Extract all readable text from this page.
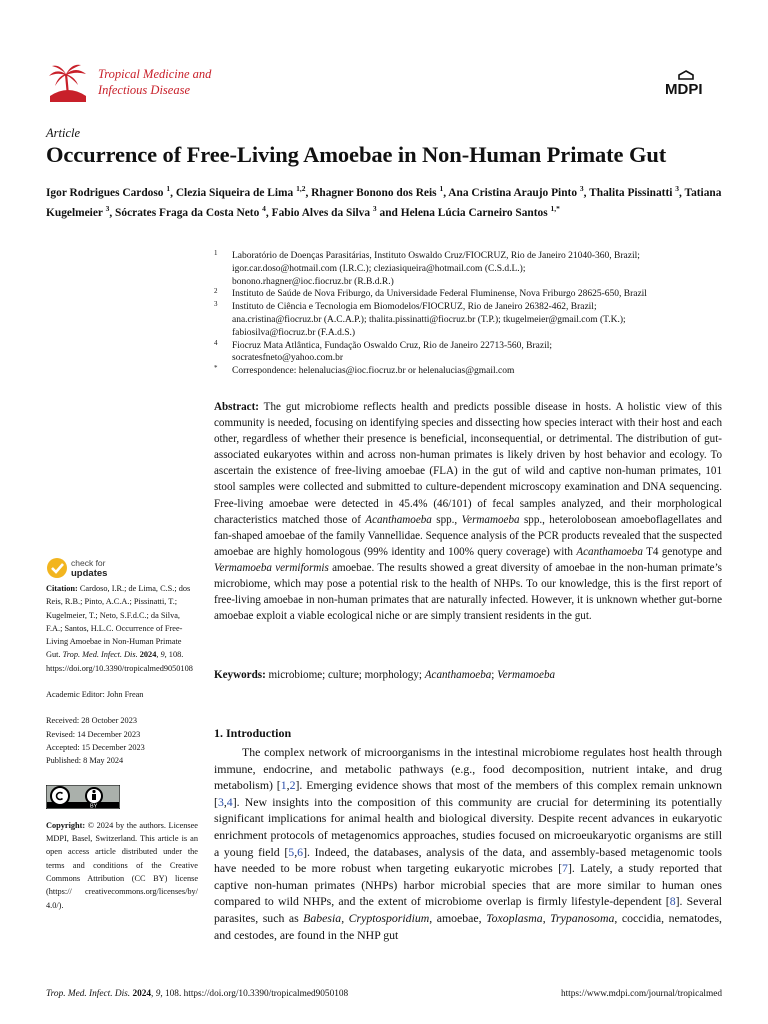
Tropical Medicine and
Infectious Disease	MDPI
Article
Occurrence of Free-Living Amoebae in Non-Human Primate Gut
Igor Rodrigues Cardoso $^1$, Clezia Siqueira de Lima $^{1,2}$, Rhagner Bonono dos Reis $^1$, Ana Cristina Araujo Pinto $^3$, Thalita Pissinatti $^3$, Tatiana Kugelmeier $^3$, Sócrates Fraga da Costa Neto $^4$, Fabio Alves da Silva $^3$ and Helena Lúcia Carneiro Santos $^{1,*}$
1 Laboratório de Doenças Parasitárias, Instituto Oswaldo Cruz/FIOCRUZ, Rio de Janeiro 21040-360, Brazil;
igor.car.doso@hotmail.com (I.R.C.); cleziasiqueira@hotmail.com (C.S.d.L.);
bonono.rhagner@ioc.fiocruz.br (R.B.d.R.)
2 Instituto de Saúde de Nova Friburgo, da Universidade Federal Fluminense, Nova Friburgo 28625-650, Brazil
3 Instituto de Ciência e Tecnologia em Biomodelos/FIOCRUZ, Rio de Janeiro 26382-462, Brazil;
ana.cristina@fiocruz.br (A.C.A.P.); thalita.pissinatti@fiocruz.br (T.P.); tkugelmeier@gmail.com (T.K.);
fabiosilva@fiocruz.br (F.A.d.S.)
4 Fiocruz Mata Atlântica, Fundação Oswaldo Cruz, Rio de Janeiro 22713-560, Brazil;
socratesfneto@yahoo.com.br
* Correspondence: helenalucias@ioc.fiocruz.br or helenalucias@gmail.com
Abstract: The gut microbiome reflects health and predicts possible disease in hosts. A holistic view of this community is needed, focusing on identifying species and dissecting how species interact with their host and each other, regardless of whether their presence is beneficial, inconsequential, or detrimental. The distribution of gut-associated eukaryotes within and across non-human primates is likely driven by host behavior and ecology. To ascertain the existence of free-living amoebae (FLA) in the gut of wild and captive non-human primates, 101 stool samples were collected and submitted to culture-dependent microscopy examination and DNA sequencing. Free-living amoebae were detected in 45.4% (46/101) of fecal samples analyzed, and their morphological characteristics matched those of Acanthamoeba spp., Vermamoeba spp., heterolobosean amoeboflagellates and fan-shaped amoebae of the family Vannellidae. Sequence analysis of the PCR products revealed that the suspected amoebae are highly homologous (99% identity and 100% query coverage) with Acanthamoeba T4 genotype and Vermamoeba vermiformis amoebae. The results showed a great diversity of amoebae in the non-human primate’s microbiome, which may pose a potential risk to the health of NHPs. To our knowledge, this is the first report of free-living amoebae in non-human primates that are naturally infected. However, it is unknown whether gut-borne amoebae exploit a viable ecological niche or are simply transient residents in the gut.
Keywords: microbiome; culture; morphology; Acanthamoeba; Vermamoeba
check for
updates

Citation: Cardoso, I.R.; de Lima, C.S.; dos Reis, R.B.; Pinto, A.C.A.; Pissinatti, T.; Kugelmeier, T.; Neto, S.F.d.C.; da Silva, F.A.; Santos, H.L.C. Occurrence of Free-Living Amoebae in Non-Human Primate Gut. Trop. Med. Infect. Dis. 2024, 9, 108. https://doi.org/10.3390/tropicalmed9050108

Academic Editor: John Frean

Received: 28 October 2023

Revised: 14 December 2023

Accepted: 15 December 2023

Published: 8 May 2024

BY

Copyright: © 2024 by the authors. Licensee MDPI, Basel, Switzerland. This article is an open access article distributed under the terms and conditions of the Creative Commons Attribution (CC BY) license (https:// creativecommons.org/licenses/by/ 4.0/).

1. Introduction
The complex network of microorganisms in the intestinal microbiome regulates host health through immune, endocrine, and metabolic pathways (e.g., food decomposition, nutrient intake, and drug metabolism) [1,2]. Emerging evidence shows that most of the members of this complex remain unknown [3,4]. New insights into the composition of this community are crucial for determining its potentially significant implications for animal health and biological diversity. Despite recent advances in eukaryotic enrichment protocols of metagenomics approaches, studies focused on microeukaryotic organisms are still a young field [5,6]. Indeed, the databases, analysis of the data, and assembly-based metagenomic tools have needed to be more robust when targeting eukaryotic microbes [7]. Lately, a study reported that captive non-human primates (NHPs) harbor microbial species that are more similar to human ones compared to wild NHPs, and the extent of microbiome overlap is firmly lifestyle-dependent [8]. Several parasites, such as Babesia, Cryptosporidium, amoebae, Toxoplasma, Trypanosoma, coccidia, nematodes, and cestodes, are found in the NHP gut
Trop. Med. Infect. Dis. 2024, 9, 108. https://doi.org/10.3390/tropicalmed9050108	https://www.mdpi.com/journal/tropicalmed
